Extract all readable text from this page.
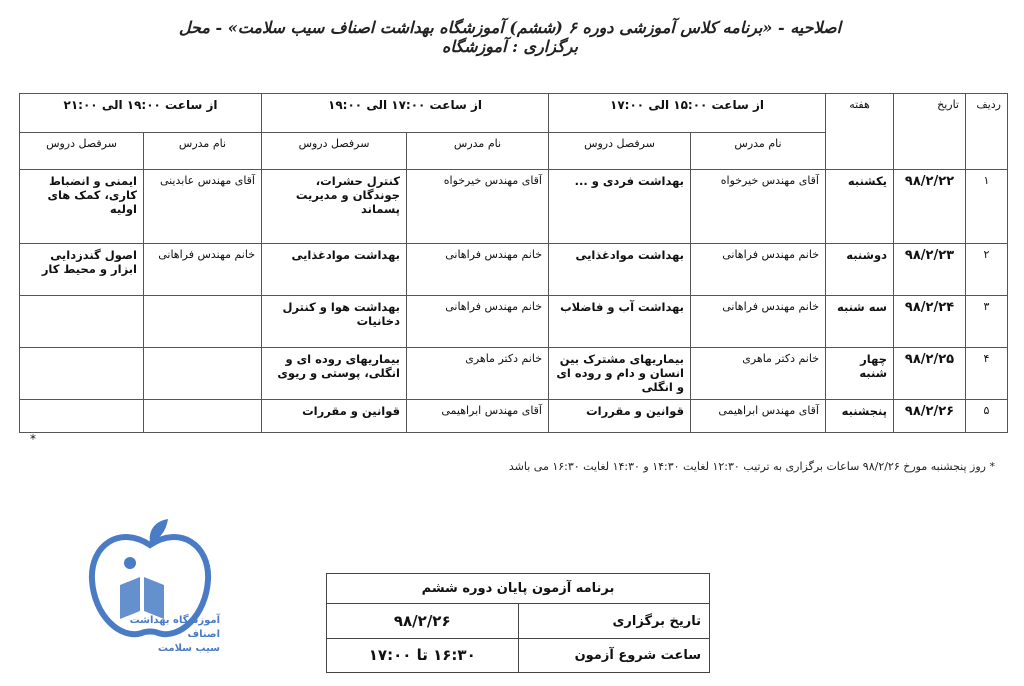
اصلاحیه - «برنامه کلاس آموزشی دوره ۶ (ششم) آموزشگاه بهداشت اصناف سیب سلامت» - محل برگزاری : آموزشگاه
ردیف	تاریخ	هفته	از ساعت ۱۵:۰۰ الی ۱۷:۰۰		از ساعت ۱۷:۰۰ الی ۱۹:۰۰		از ساعت ۱۹:۰۰ الی ۲۱:۰۰	
			نام مدرس	سرفصل دروس	نام مدرس	سرفصل دروس	نام مدرس	سرفصل دروس
۱	۹۸/۲/۲۲	یکشنبه	آقای مهندس خیرخواه	بهداشت فردی و ...	آقای مهندس خیرخواه	کنترل حشرات، جوندگان و مدیریت پسماند	آقای مهندس عابدینی	ایمنی و انضباط کاری، کمک های اولیه
۲	۹۸/۲/۲۳	دوشنبه	خانم مهندس فراهانی	بهداشت موادغذایی	خانم مهندس فراهانی	بهداشت موادغذایی	خانم مهندس فراهانی	اصول گندزدایی ابزار و محیط کار
۳	۹۸/۲/۲۴	سه شنبه	خانم مهندس فراهانی	بهداشت آب و فاضلاب	خانم مهندس فراهانی	بهداشت هوا و کنترل دخانیات		
۴	۹۸/۲/۲۵	چهار شنبه	خانم دکتر ماهری	بیماریهای مشترک بین انسان و دام و روده ای و انگلی	خانم دکتر ماهری	بیماریهای روده ای و انگلی، پوستی و ریوی		
۵	۹۸/۲/۲۶	پنجشنبه	آقای مهندس ابراهیمی	قوانین و مقررات	آقای مهندس ابراهیمی	قوانین و مقررات		
*
* روز پنجشنبه مورخ ۹۸/۲/۲۶ ساعات برگزاری به ترتیب ۱۲:۳۰ لغایت ۱۴:۳۰ و ۱۴:۳۰ لغایت ۱۶:۳۰ می باشد
آموزشگاه بهداشت اصناف
سیب سلامت
برنامه آزمون پایان دوره ششم	
تاریخ برگزاری	۹۸/۲/۲۶
ساعت شروع آزمون	۱۶:۳۰ تا ۱۷:۰۰
